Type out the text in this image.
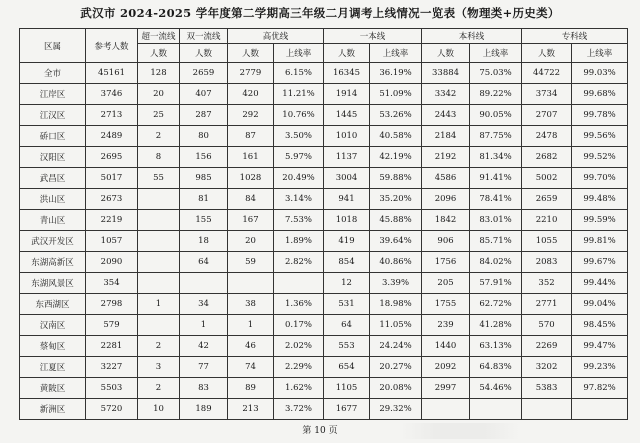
武汉市 2024-2025 学年度第二学期高三年级二月调考上线情况一览表（物理类+历史类）
区属	参考人数	超一流线	双一流线	高优线		一本线		本科线		专科线	
		人数	人数	人数	上线率	人数	上线率	人数	上线率	人数	上线率
全市	45161	128	2659	2779	6.15%	16345	36.19%	33884	75.03%	44722	99.03%
江岸区	3746	20	407	420	11.21%	1914	51.09%	3342	89.22%	3734	99.68%
江汉区	2713	25	287	292	10.76%	1445	53.26%	2443	90.05%	2707	99.78%
硚口区	2489	2	80	87	3.50%	1010	40.58%	2184	87.75%	2478	99.56%
汉阳区	2695	8	156	161	5.97%	1137	42.19%	2192	81.34%	2682	99.52%
武昌区	5017	55	985	1028	20.49%	3004	59.88%	4586	91.41%	5002	99.70%
洪山区	2673		81	84	3.14%	941	35.20%	2096	78.41%	2659	99.48%
青山区	2219		155	167	7.53%	1018	45.88%	1842	83.01%	2210	99.59%
武汉开发区	1057		18	20	1.89%	419	39.64%	906	85.71%	1055	99.81%
东湖高新区	2090		64	59	2.82%	854	40.86%	1756	84.02%	2083	99.67%
东湖风景区	354					12	3.39%	205	57.91%	352	99.44%
东西湖区	2798	1	34	38	1.36%	531	18.98%	1755	62.72%	2771	99.04%
汉南区	579		1	1	0.17%	64	11.05%	239	41.28%	570	98.45%
蔡甸区	2281	2	42	46	2.02%	553	24.24%	1440	63.13%	2269	99.47%
江夏区	3227	3	77	74	2.29%	654	20.27%	2092	64.83%	3202	99.23%
黄陂区	5503	2	83	89	1.62%	1105	20.08%	2997	54.46%	5383	97.82%
新洲区	5720	10	189	213	3.72%	1677	29.32%				
第 10 页
